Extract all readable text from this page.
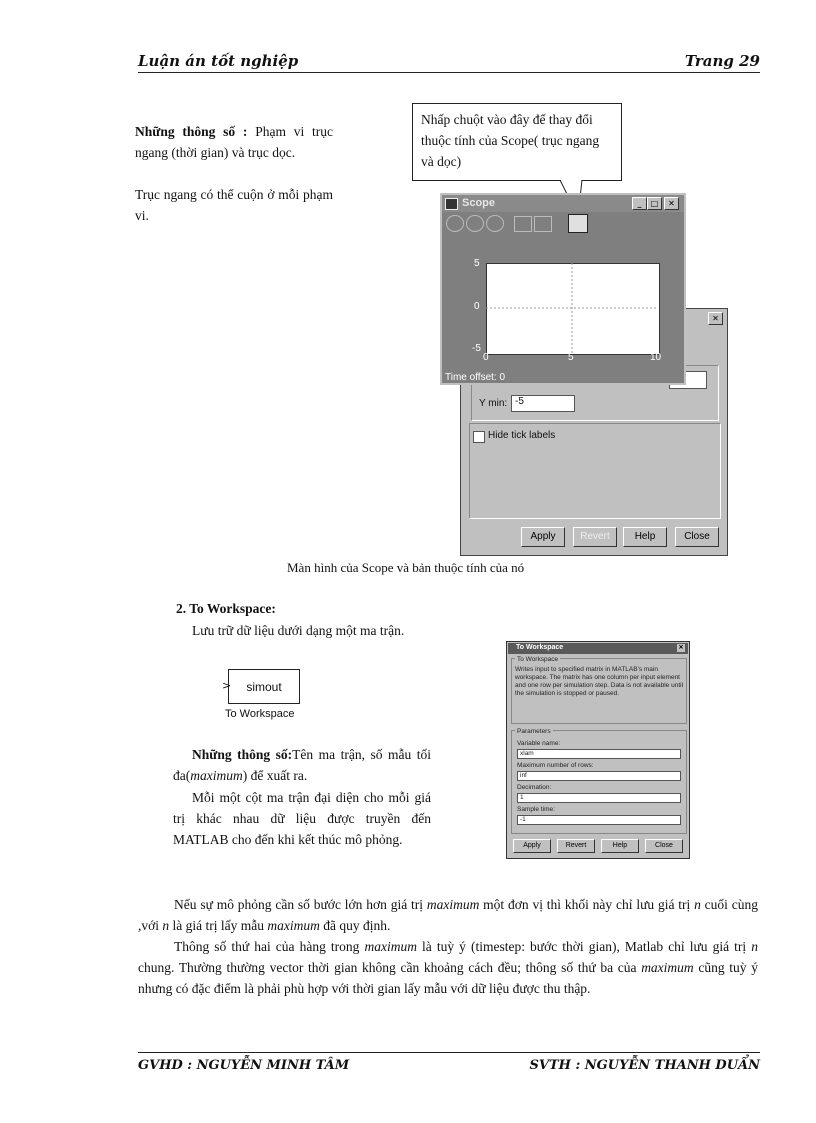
Luận án tốt nghiệp	Trang 29
Những thông số : Phạm vi trục ngang (thời gian) và trục dọc.
Trục ngang có thể cuộn ở mỗi phạm vi.
Nhấp chuột vào đây để thay đổi thuộc tính của Scope( trục ngang và dọc)
✕
Y min: -5
Hide tick labels
Apply	Revert	Help	Close
Scope	_	□	✕
5
0
-5
0	5	10
Time offset: 0
Màn hình của Scope và bản thuộc tính của nó
2. To Workspace:
Lưu trữ dữ liệu dưới dạng một ma trận.
>	simout
To Workspace
Những thông số:Tên ma trận, số mẫu tối đa(maximum) để xuất ra.
Mỗi một cột ma trận đại diện cho mỗi giá trị khác nhau dữ liệu được truyền đến MATLAB cho đến khi kết thúc mô phỏng.
To Workspace	✕
To Workspace
Writes input to specified matrix in MATLAB's main workspace. The matrix has one column per input element and one row per simulation step. Data is not available until the simulation is stopped or paused.
Parameters
Variable name:
xlam
Maximum number of rows:
inf
Decimation:
1
Sample time:
-1
Apply	Revert	Help	Close
Nếu sự mô phỏng cần số bước lớn hơn giá trị maximum một đơn vị thì khối này chỉ lưu giá trị n cuối cùng ,với n là giá trị lấy mẫu maximum đã quy định.
Thông số thứ hai của hàng trong maximum là tuỳ ý (timestep: bước thời gian), Matlab chỉ lưu giá trị n chung. Thường thường vector thời gian không cần khoảng cách đều; thông số thứ ba của maximum cũng tuỳ ý nhưng có đặc điểm là phải phù hợp với thời gian lấy mẫu với dữ liệu được thu thập.
GVHD : NGUYỄN MINH TÂM	SVTH : NGUYỄN THANH DUẨN
